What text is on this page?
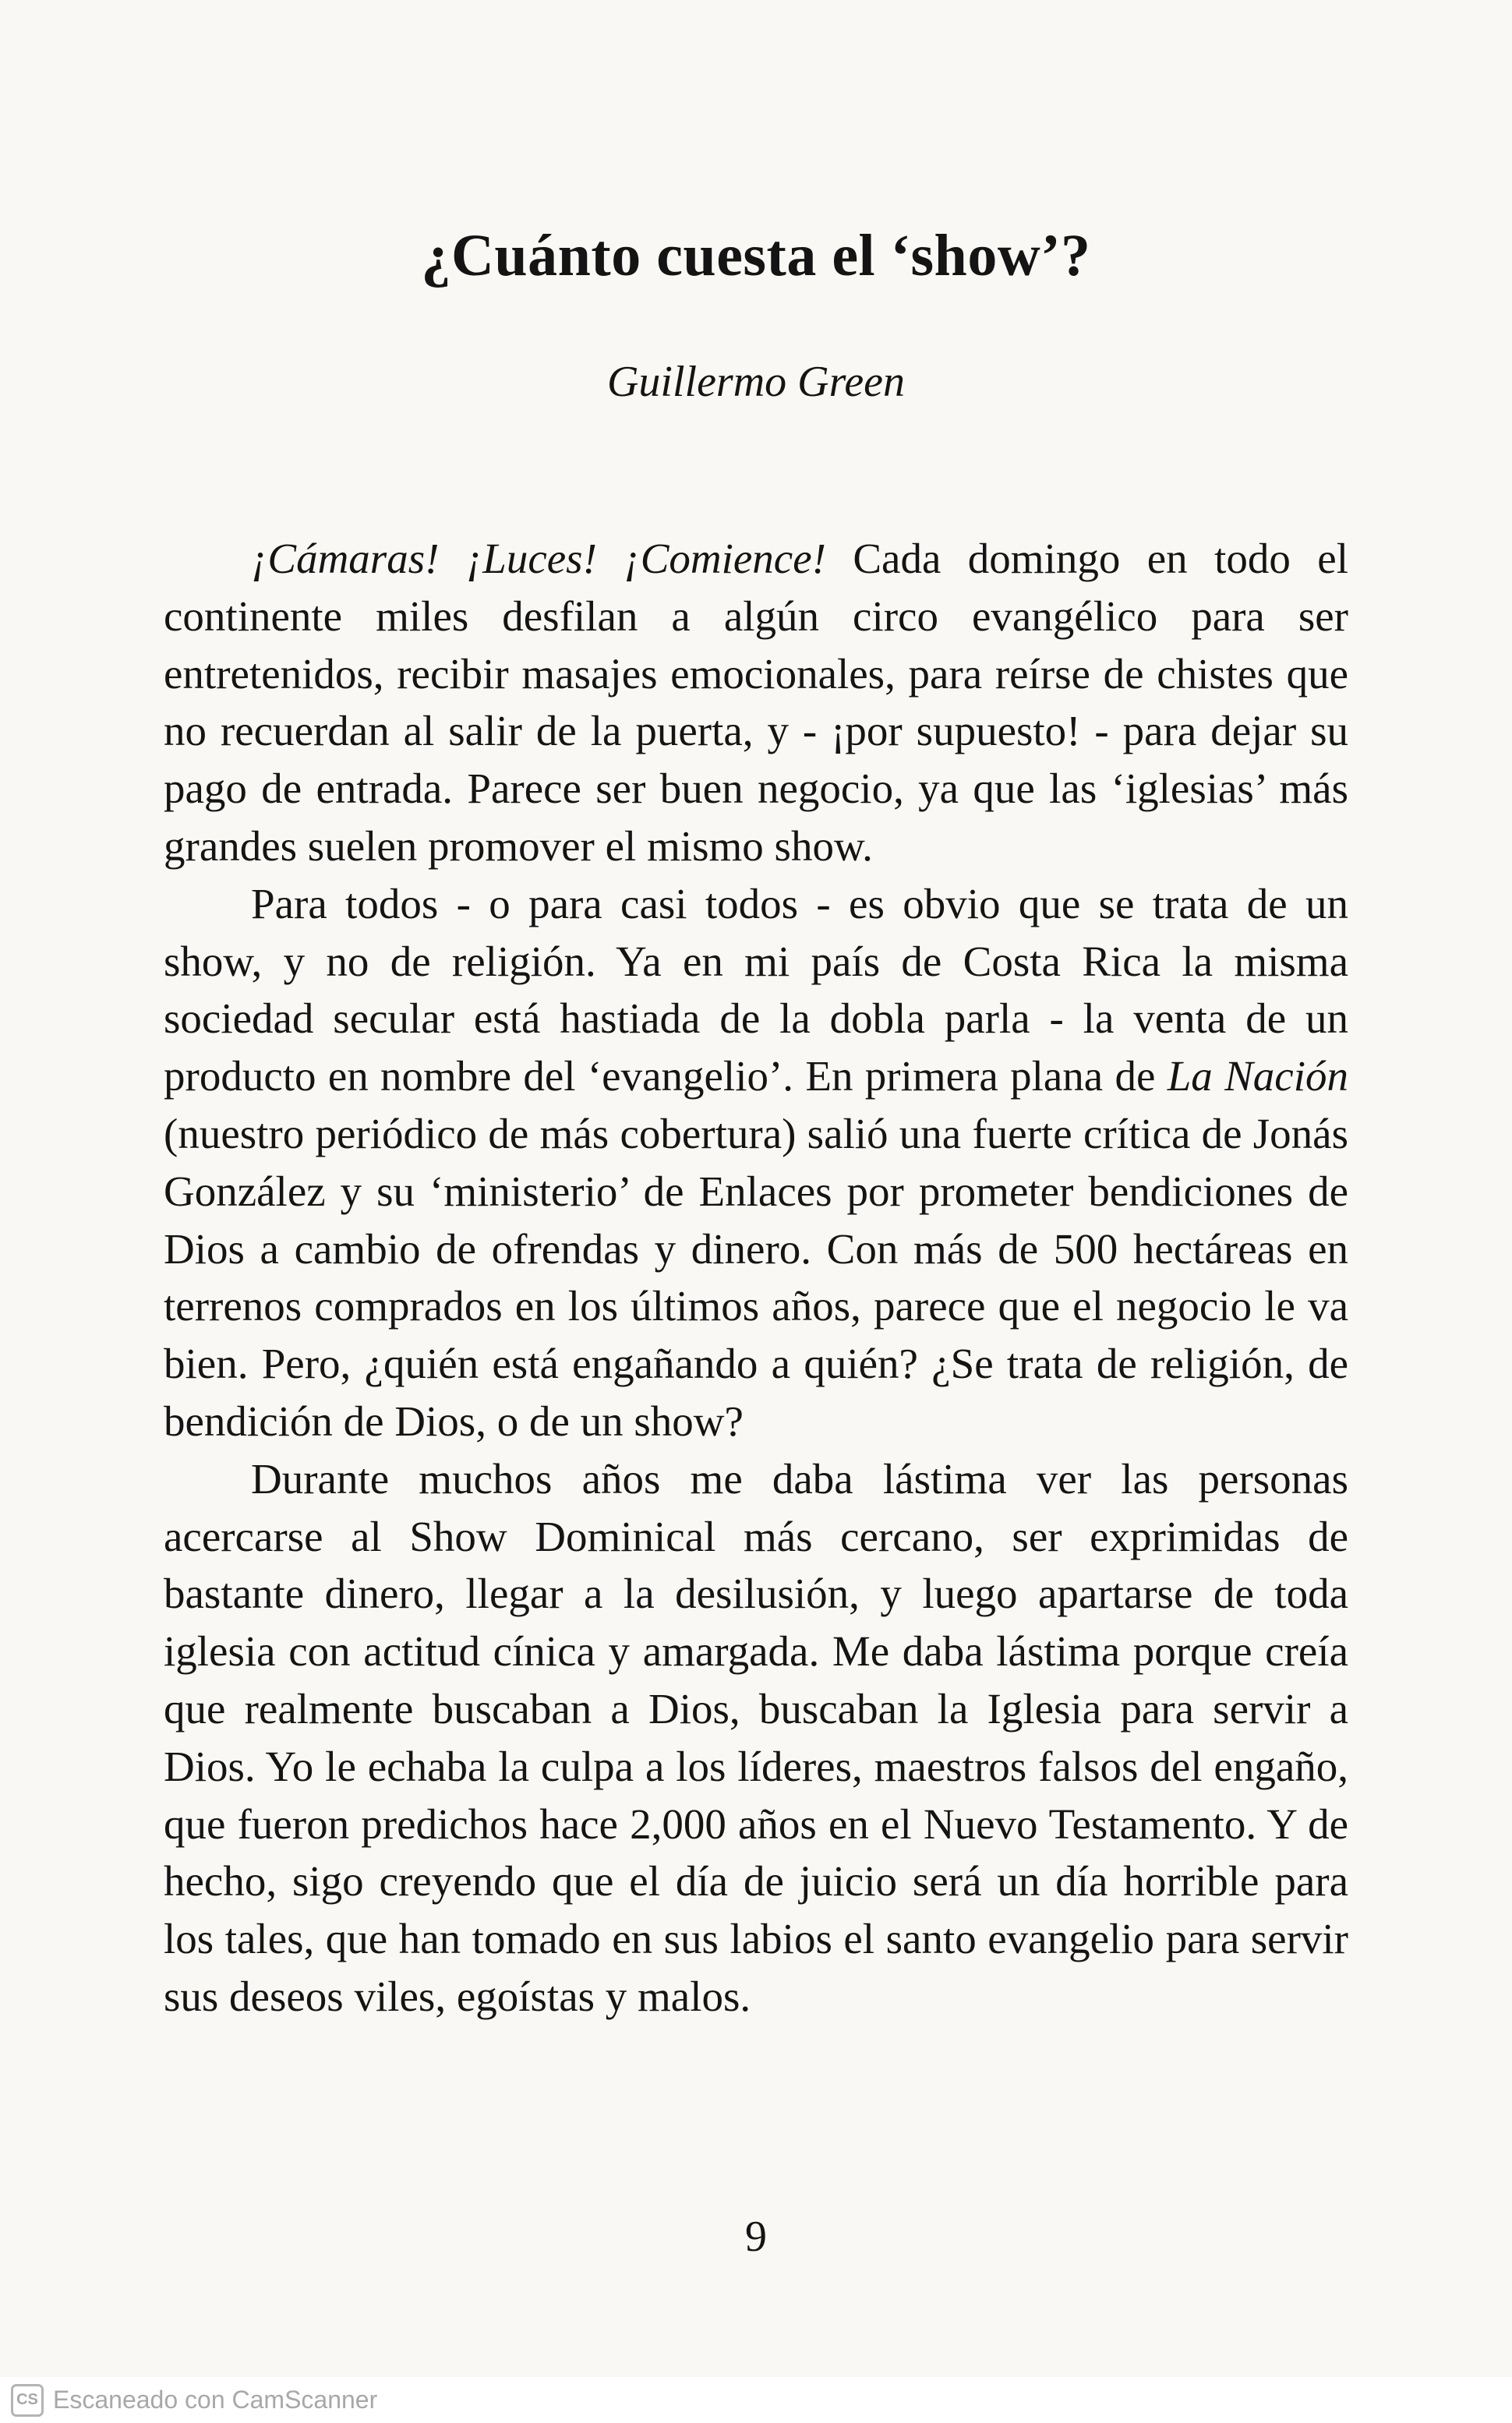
¿Cuánto cuesta el ‘show’?
Guillermo Green

¡Cámaras! ¡Luces! ¡Comience! Cada domingo en todo el continente miles desfilan a algún circo evangélico para ser entretenidos, recibir masajes emocionales, para reírse de chistes que no recuerdan al salir de la puerta, y - ¡por supuesto! - para dejar su pago de entrada. Parece ser buen negocio, ya que las ‘iglesias’ más grandes suelen promover el mismo show.

Para todos - o para casi todos - es obvio que se trata de un show, y no de religión. Ya en mi país de Costa Rica la misma sociedad secular está hastiada de la dobla parla - la venta de un producto en nombre del ‘evangelio’. En primera plana de La Nación (nuestro periódico de más cobertura) salió una fuerte crítica de Jonás González y su ‘ministerio’ de Enlaces por prometer bendiciones de Dios a cambio de ofrendas y dinero. Con más de 500 hectáreas en terrenos comprados en los últimos años, parece que el negocio le va bien. Pero, ¿quién está engañando a quién? ¿Se trata de religión, de bendición de Dios, o de un show?

Durante muchos años me daba lástima ver las personas acercarse al Show Dominical más cercano, ser exprimidas de bastante dinero, llegar a la desilusión, y luego apartarse de toda iglesia con actitud cínica y amargada. Me daba lástima porque creía que realmente buscaban a Dios, buscaban la Iglesia para servir a Dios. Yo le echaba la culpa a los líderes, maestros falsos del engaño, que fueron predichos hace 2,000 años en el Nuevo Testamento. Y de hecho, sigo creyendo que el día de juicio será un día horrible para los tales, que han tomado en sus labios el santo evangelio para servir sus deseos viles, egoístas y malos.

9
CS Escaneado con CamScanner
